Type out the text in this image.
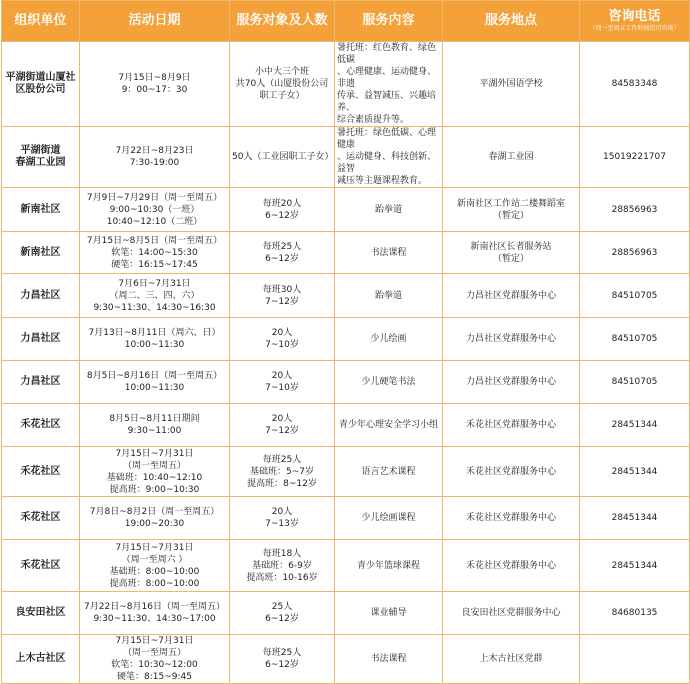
组织单位	活动日期	服务对象及人数	服务内容	服务地点	咨询电话
（周一至周五工作时间段可咨询）

平湖街道山厦社
区股份公司	7月15日~8月9日
9：00~17：30	小中大三个班
共70人（山厦股份公司
职工子女）	暑托班：红色教育、绿色低碳
、心理健康、运动健身、非遗
传承、益智减压、兴趣培养、
综合素质提升等。	平湖外国语学校	84583348
平湖街道
春湖工业园	7月22日~8月23日
7:30-19:00	50人（工业园职工子女）	暑托班：绿色低碳、心理健康
、运动健身、科技创新、益智
减压等主题课程教育。	春湖工业园	15019221707
新南社区	7月9日~7月29日（周一至周五）
9:00~10:30（一班）
10:40~12:10（二班）	每班20人
6~12岁	跆拳道	新南社区工作站二楼舞蹈室
（暂定）	28856963
新南社区	7月15日~8月5日（周一至周五）
软笔：14:00~15:30
硬笔：16:15~17:45	每班25人
6~12岁	书法课程	新南社区长者服务站
（暂定）	28856963
力昌社区	7月6日~7月31日
（周二、三、四、六）
9:30~11:30、14:30~16:30	每班30人
7~12岁	跆拳道	力昌社区党群服务中心	84510705
力昌社区	7月13日~8月11日（周六、日）
10:00~11:30	20人
7~10岁	少儿绘画	力昌社区党群服务中心	84510705
力昌社区	8月5日~8月16日（周一至周五）
10:00~11:30	20人
7~10岁	少儿硬笔书法	力昌社区党群服务中心	84510705
禾花社区	8月5日~8月11日期间
9:30~11:00	20人
7~12岁	青少年心理安全学习小组	禾花社区党群服务中心	28451344
禾花社区	7月15日~7月31日
（周一至周五）
基础班：10:40~12:10
提高班：9:00~10:30	每班25人
基础班：5~7岁
提高班：8~12岁	语言艺术课程	禾花社区党群服务中心	28451344
禾花社区	7月8日~8月2日（周一至周五）
19:00~20:30	20人
7~13岁	少儿绘画课程	禾花社区党群服务中心	28451344
禾花社区	7月15日~7月31日
（周一至周六 ）
基础班：8:00~10:00
提高班：8:00~10:00	每班18人
基础班：6-9岁
提高班：10-16岁	青少年篮球课程	禾花社区党群服务中心	28451344
良安田社区	7月22日~8月16日（周一至周五）
9:30~11:30、14:30~17:00	25人
6~12岁	课业辅导	良安田社区党群服务中心	84680135
上木古社区	7月15日~7月31日
（周一至周五）
软笔：10:30~12:00
硬笔：8:15~9:45	每班25人
6~12岁	书法课程	上木古社区党群	
